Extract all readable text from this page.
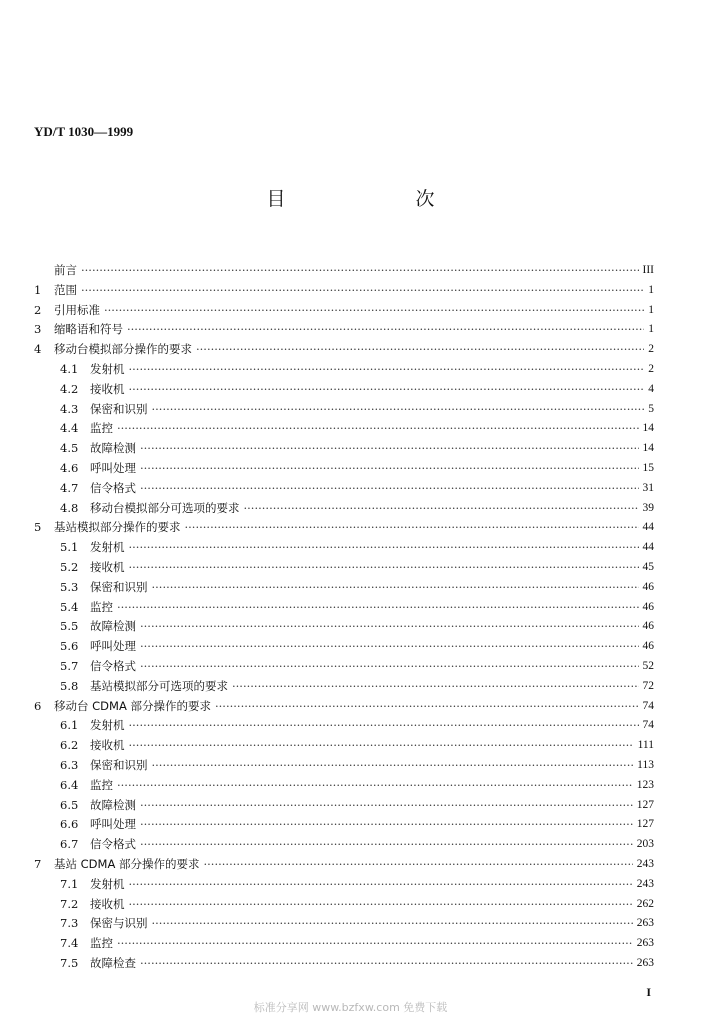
YD/T 1030—1999
目 次
前言 ·····	III
1	范围 ·····	1
2	引用标准 ·····	1
3	缩略语和符号 ·····	1
4	移动台模拟部分操作的要求 ·····	2
4.1	发射机 ·····	2
4.2	接收机 ·····	4
4.3	保密和识别 ·····	5
4.4	监控 ·····	14
4.5	故障检测 ·····	14
4.6	呼叫处理 ·····	15
4.7	信令格式 ·····	31
4.8	移动台模拟部分可选项的要求 ·····	39
5	基站模拟部分操作的要求 ·····	44
5.1	发射机 ·····	44
5.2	接收机 ·····	45
5.3	保密和识别 ·····	46
5.4	监控 ·····	46
5.5	故障检测 ·····	46
5.6	呼叫处理 ·····	46
5.7	信令格式 ·····	52
5.8	基站模拟部分可选项的要求 ·····	72
6	移动台 CDMA 部分操作的要求 ·····	74
6.1	发射机 ·····	74
6.2	接收机 ·····	111
6.3	保密和识别 ·····	113
6.4	监控 ·····	123
6.5	故障检测 ·····	127
6.6	呼叫处理 ·····	127
6.7	信令格式 ·····	203
7	基站 CDMA 部分操作的要求 ·····	243
7.1	发射机 ·····	243
7.2	接收机 ·····	262
7.3	保密与识别 ·····	263
7.4	监控 ·····	263
7.5	故障检查 ·····	263
I
标准分享网 www.bzfxw.com 免费下载
